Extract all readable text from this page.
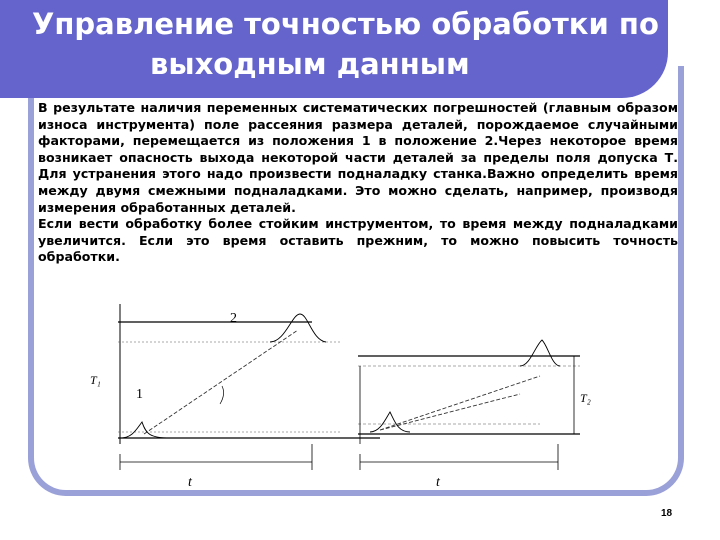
Управление точностью обработки по
выходным данным

В результате наличия переменных систематических погрешностей (главным образом износа инструмента) поле рассеяния размера деталей, порождаемое случайными факторами, перемещается из положения 1 в положение 2.Через некоторое время возникает опасность выхода некоторой части деталей за пределы поля допуска Т. Для устранения этого надо произвести подналадку станка.Важно определить время между двумя смежными подналадками. Это можно сделать, например, производя измерения обработанных деталей.

Если вести обработку более стойким инструментом, то время между подналадками увеличится. Если это время оставить прежним, то можно повысить точность обработки.

2
1
T₁
T₂
t	t
18
